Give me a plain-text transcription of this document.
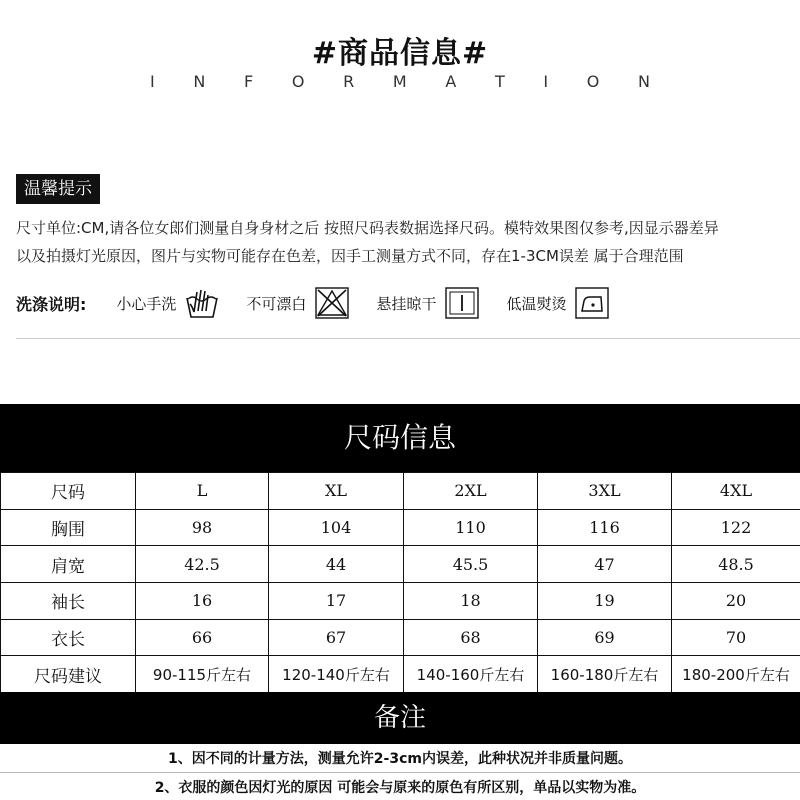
#商品信息#
I N F O R M A T I O N
温馨提示
尺寸单位:CM,请各位女郎们测量自身身材之后 按照尺码表数据选择尺码。模特效果图仅参考,因显示器差异
以及拍摄灯光原因，图片与实物可能存在色差，因手工测量方式不同，存在1-3CM误差 属于合理范围
洗涤说明: 小心手洗	不可漂白	悬挂晾干	低温熨烫
尺码信息
尺码	L	XL	2XL	3XL	4XL
胸围	98	104	110	116	122
肩宽	42.5	44	45.5	47	48.5
袖长	16	17	18	19	20
衣长	66	67	68	69	70
尺码建议	90-115斤左右	120-140斤左右	140-160斤左右	160-180斤左右	180-200斤左右
备注
1、因不同的计量方法，测量允许2-3cm内误差，此种状况并非质量问题。
2、衣服的颜色因灯光的原因 可能会与原来的原色有所区别，单品以实物为准。
